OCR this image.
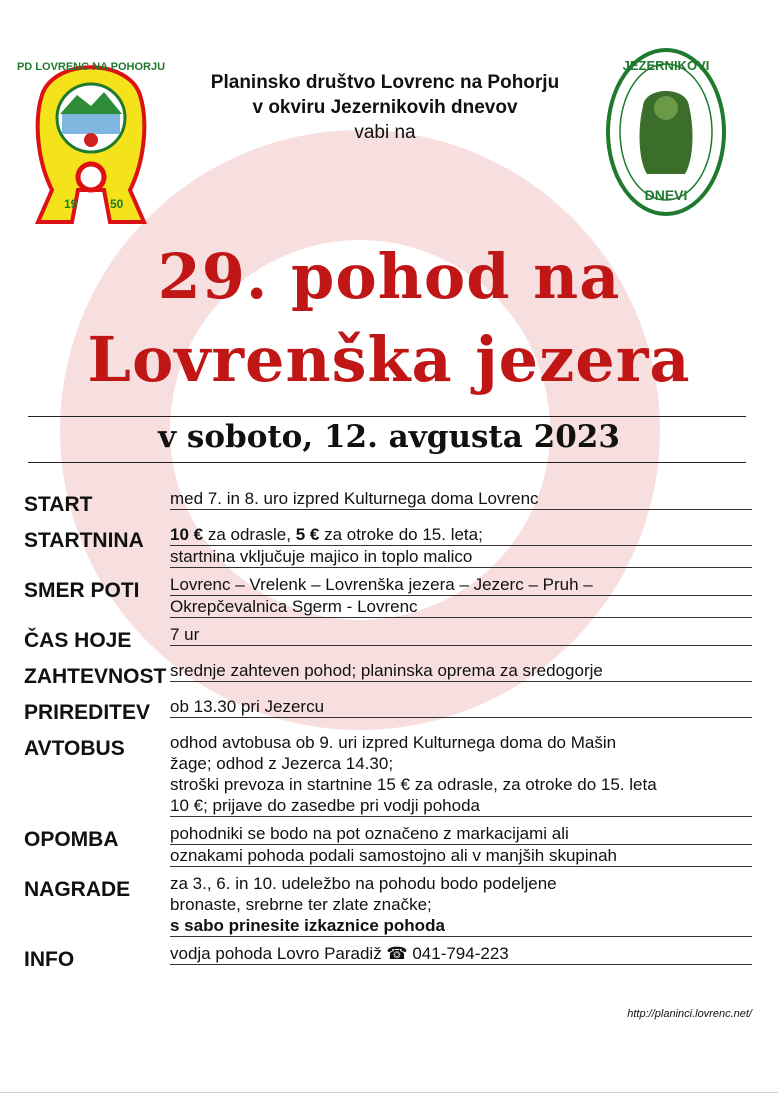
PD LOVRENC NA POHORJU
19	50
Planinsko društvo Lovrenc na Pohorju
v okviru Jezernikovih dnevov
vabi na
JEZERNIKOVI
DNEVI
29. pohod na
Lovrenška jezera
v soboto, 12. avgusta 2023
START	med 7. in 8. uro izpred Kulturnega doma Lovrenc
STARTNINA	10 € za odrasle, 5 € za otroke do 15. leta;
startnina vključuje majico in toplo malico
SMER POTI	Lovrenc – Vrelenk – Lovrenška jezera – Jezerc – Pruh –
Okrepčevalnica Sgerm - Lovrenc
ČAS HOJE	7 ur
ZAHTEVNOST srednje zahteven pohod; planinska oprema za sredogorje
PRIREDITEV	ob 13.30 pri Jezercu
AVTOBUS	odhod avtobusa ob 9. uri izpred Kulturnega doma do Mašin
žage; odhod z Jezerca 14.30;
stroški prevoza in startnine 15 € za odrasle, za otroke do 15. leta
10 €; prijave do zasedbe pri vodji pohoda
OPOMBA	pohodniki se bodo na pot označeno z markacijami ali
oznakami pohoda podali samostojno ali v manjših skupinah
NAGRADE	za 3., 6. in 10. udeležbo na pohodu bodo podeljene
bronaste, srebrne ter zlate značke;
s sabo prinesite izkaznice pohoda
INFO	vodja pohoda Lovro Paradiž ☎ 041-794-223
http://planinci.lovrenc.net/
